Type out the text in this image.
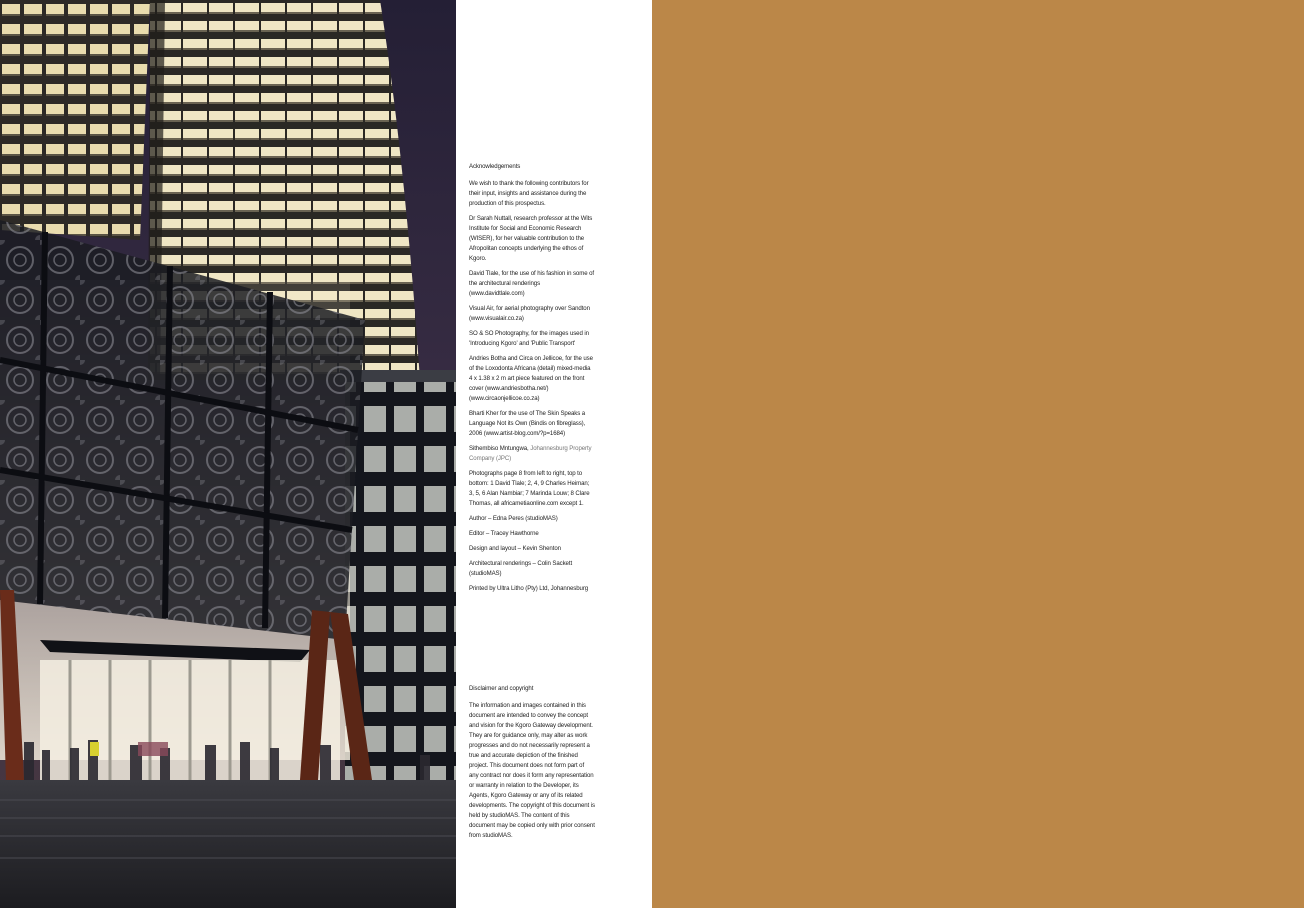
Acknowledgements

We wish to thank the following contributors for their input, insights and assistance during the production of this prospectus.

Dr Sarah Nuttall, research professor at the Wits Institute for Social and Economic Research (WISER), for her valuable contribution to the Afropolitan concepts underlying the ethos of Kgoro.

David Tlale, for the use of his fashion in some of the architectural renderings (www.davidtlale.com)

Visual Air, for aerial photography over Sandton (www.visualair.co.za)

SO & SO Photography, for the images used in 'Introducing Kgoro' and 'Public Transport'

Andries Botha and Circa on Jellicoe, for the use of the Loxodonta Africana (detail) mixed-media 4 x 1.38 x 2 m art piece featured on the front cover (www.andriesbotha.net/) (www.circaonjellicoe.co.za)

Bharti Kher for the use of The Skin Speaks a Language Not its Own (Bindis on fibreglass), 2006 (www.artist-blog.com/?p=1684)

Sithembiso Mntungwa, Johannesburg Property Company (JPC)

Photographs page 8 from left to right, top to bottom: 1 David Tlale; 2, 4, 9 Charles Heiman; 3, 5, 6 Alan Nambiar; 7 Marinda Louw; 8 Clare Thomas, all africametiaonline.com except 1.

Author – Edna Peres (studioMAS)

Editor – Tracey Hawthorne

Design and layout – Kevin Shenton

Architectural renderings – Colin Sackett (studioMAS)

Printed by Ultra Litho (Pty) Ltd, Johannesburg

Disclaimer and copyright

The information and images contained in this document are intended to convey the concept and vision for the Kgoro Gateway development. They are for guidance only, may alter as work progresses and do not necessarily represent a true and accurate depiction of the finished project. This document does not form part of any contract nor does it form any representation or warranty in relation to the Developer, its Agents, Kgoro Gateway or any of its related developments. The copyright of this document is held by studioMAS. The content of this document may be copied only with prior consent from studioMAS.
